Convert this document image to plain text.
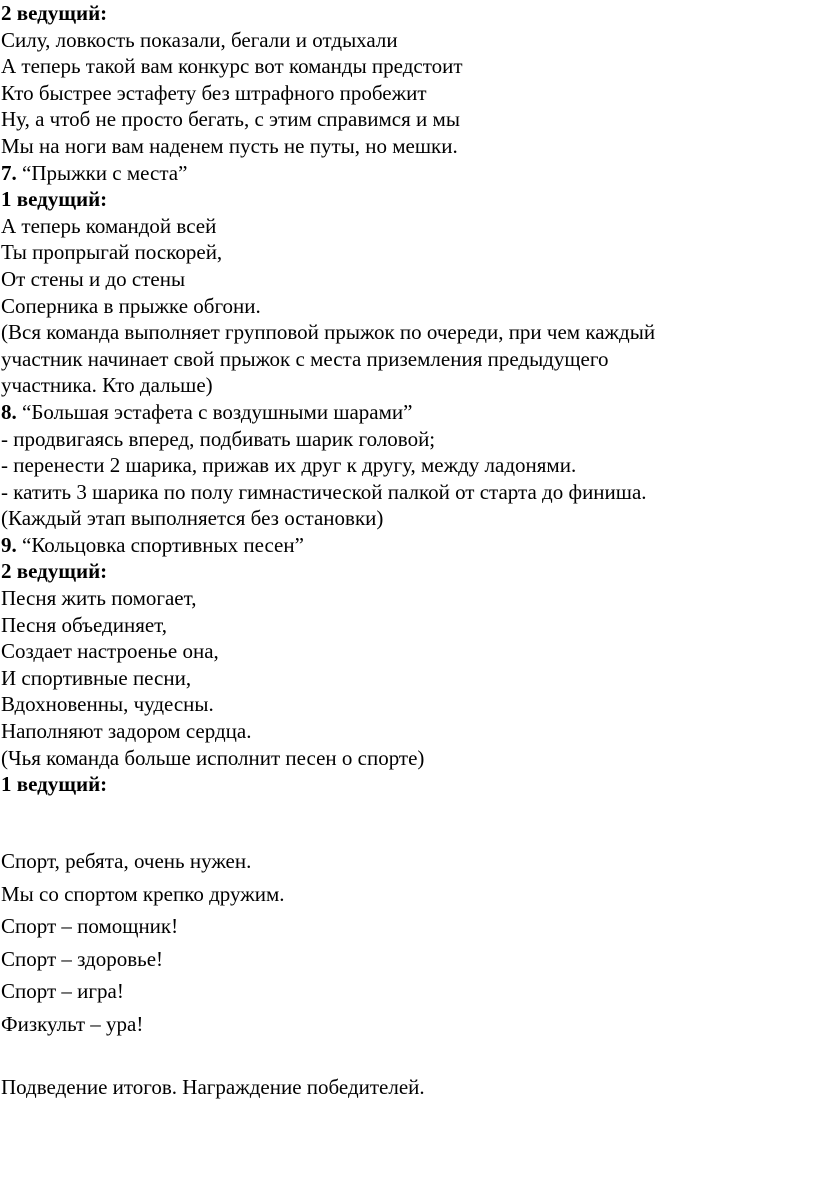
2 ведущий:
Силу, ловкость показали, бегали и отдыхали
А теперь такой вам конкурс вот команды предстоит
Кто быстрее эстафету без штрафного пробежит
Ну, а чтоб не просто бегать, с этим справимся и мы
Мы на ноги вам наденем пусть не путы, но мешки.
7. “Прыжки с места”
1 ведущий:
А теперь командой всей
Ты пропрыгай поскорей,
От стены и до стены
Соперника в прыжке обгони.
(Вся команда выполняет групповой прыжок по очереди, при чем каждый
участник начинает свой прыжок с места приземления предыдущего
участника. Кто дальше)
8. “Большая эстафета с воздушными шарами”
- продвигаясь вперед, подбивать шарик головой;
- перенести 2 шарика, прижав их друг к другу, между ладонями.
- катить 3 шарика по полу гимнастической палкой от старта до финиша.
(Каждый этап выполняется без остановки)
9. “Кольцовка спортивных песен”
2 ведущий:
Песня жить помогает,
Песня объединяет,
Создает настроенье она,
И спортивные песни,
Вдохновенны, чудесны.
Наполняют задором сердца.
(Чья команда больше исполнит песен о спорте)
1 ведущий:
Спорт, ребята, очень нужен.
Мы со спортом крепко дружим.
Спорт – помощник!
Спорт – здоровье!
Спорт – игра!
Физкульт – ура!
Подведение итогов. Награждение победителей.
